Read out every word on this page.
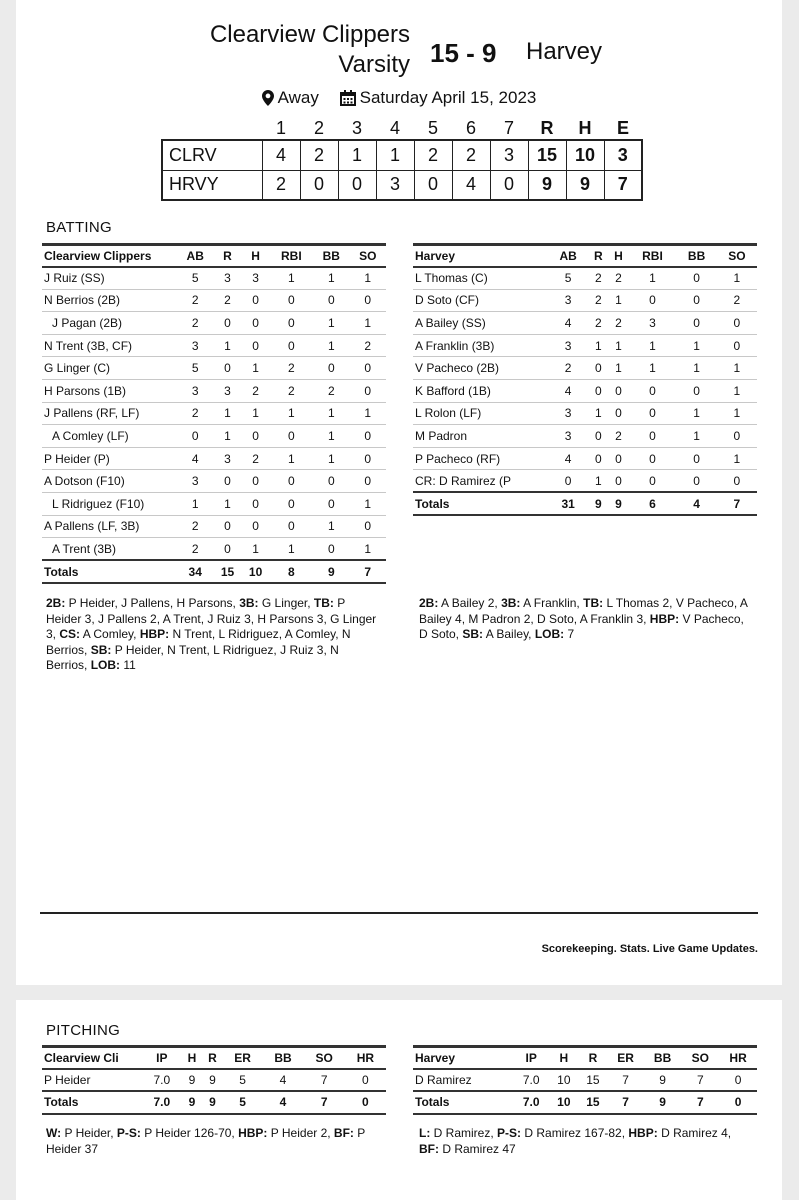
Clearview Clippers
Varsity 15 - 9 Harvey
Away
Saturday April 15, 2023
	1	2	3	4	5	6	7	R	H	E
CLRV	4	2	1	1	2	2	3	15	10	3
HRVY	2	0	0	3	0	4	0	9	9	7
BATTING
Clearview Clippers	AB	R	H	RBI	BB	SO
J Ruiz (SS)	5	3	3	1	1	1
N Berrios (2B)	2	2	0	0	0	0
J Pagan (2B)	2	0	0	0	1	1
N Trent (3B, CF)	3	1	0	0	1	2
G Linger (C)	5	0	1	2	0	0
H Parsons (1B)	3	3	2	2	2	0
J Pallens (RF, LF)	2	1	1	1	1	1
A Comley (LF)	0	1	0	0	1	0
P Heider (P)	4	3	2	1	1	0
A Dotson (F10)	3	0	0	0	0	0
L Ridriguez (F10)	1	1	0	0	0	1
A Pallens (LF, 3B)	2	0	0	0	1	0
A Trent (3B)	2	0	1	1	0	1
Totals	34	15	10	8	9	7
Harvey	AB	R	H	RBI	BB	SO
L Thomas (C)	5	2	2	1	0	1
D Soto (CF)	3	2	1	0	0	2
A Bailey (SS)	4	2	2	3	0	0
A Franklin (3B)	3	1	1	1	1	0
V Pacheco (2B)	2	0	1	1	1	1
K Bafford (1B)	4	0	0	0	0	1
L Rolon (LF)	3	1	0	0	1	1
M Padron	3	0	2	0	1	0
P Pacheco (RF)	4	0	0	0	0	1
CR: D Ramirez (P	0	1	0	0	0	0
Totals	31	9	9	6	4	7
2B: P Heider, J Pallens, H Parsons, 3B: G Linger, TB: P Heider 3, J Pallens 2, A Trent, J Ruiz 3, H Parsons 3, G Linger 3, CS: A Comley, HBP: N Trent, L Ridriguez, A Comley, N Berrios, SB: P Heider, N Trent, L Ridriguez, J Ruiz 3, N Berrios, LOB: 11
2B: A Bailey 2, 3B: A Franklin, TB: L Thomas 2, V Pacheco, A Bailey 4, M Padron 2, D Soto, A Franklin 3, HBP: V Pacheco, D Soto, SB: A Bailey, LOB: 7
Scorekeeping. Stats. Live Game Updates.
PITCHING
Clearview Cli	IP	H	R	ER	BB	SO	HR
P Heider	7.0	9	9	5	4	7	0
Totals	7.0	9	9	5	4	7	0
Harvey	IP	H	R	ER	BB	SO	HR
D Ramirez	7.0	10	15	7	9	7	0
Totals	7.0	10	15	7	9	7	0
W: P Heider, P-S: P Heider 126-70, HBP: P Heider 2, BF: P Heider 37
L: D Ramirez, P-S: D Ramirez 167-82, HBP: D Ramirez 4, BF: D Ramirez 47
